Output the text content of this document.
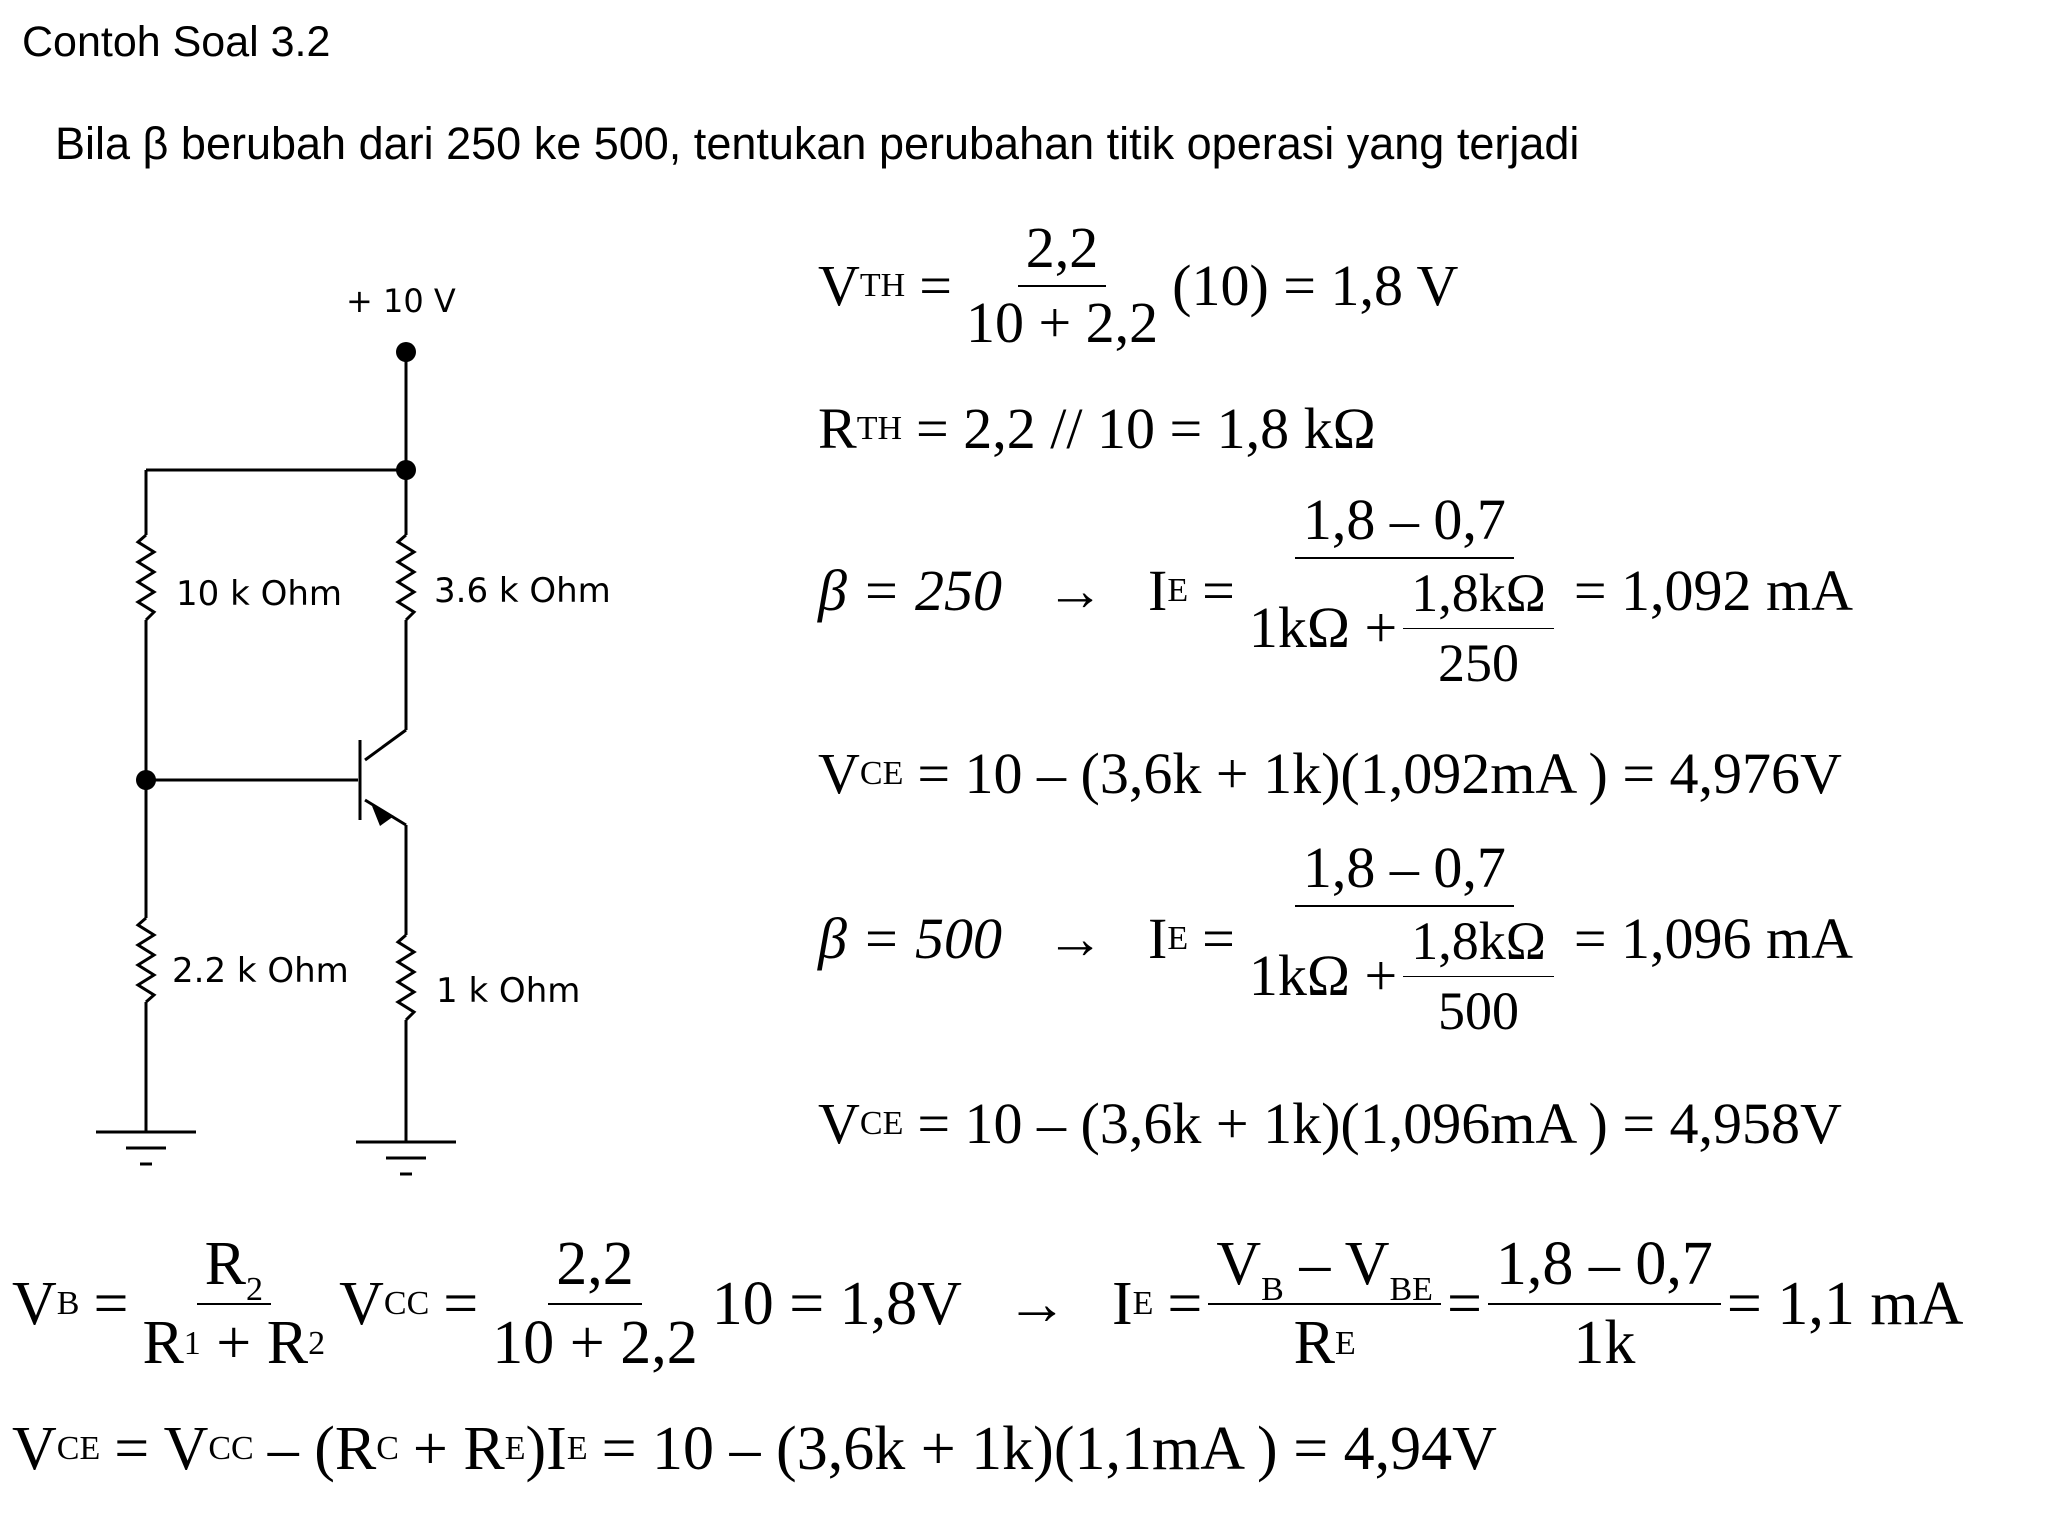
Contoh Soal 3.2
Bila β berubah dari 250 ke 500, tentukan perubahan titik operasi yang terjadi
+ 10 V
10 k Ohm	3.6 k Ohm
2.2 k Ohm	1 k Ohm
V TH = $\frac{2,2}{10 + 2,2} (10) = 1,8$ V
R TH = 2,2 // 10 = 1,8 kΩ
β = 250 → I $E = \frac{1,8 - 0,7}{1k\Omega + \frac{1,8k\Omega}{250}} = 1,092$ mA
V CE = 10 – (3,6k + 1k)(1,092mA ) = 4,976V
β = 500 → I $E = \frac{1,8 - 0,7}{1k\Omega + \frac{1,8k\Omega}{500}} = 1,096$ mA
V CE = 10 – (3,6k + 1k)(1,096mA ) = 4,958V
V $B = R_2$
R 1
+ R 2 V CC = $\frac{2,2}{10 + 2,2} 10 = 1,8V \to I$ $E = \frac{V_B - V_{BE}}{\text{R E}} = \frac{1,8 - 0,7}{1k} = 1,1$ mA
V CE = V CC – (R C + R E )I E = 10 – (3,6k + 1k)(1,1mA ) = 4,94V
